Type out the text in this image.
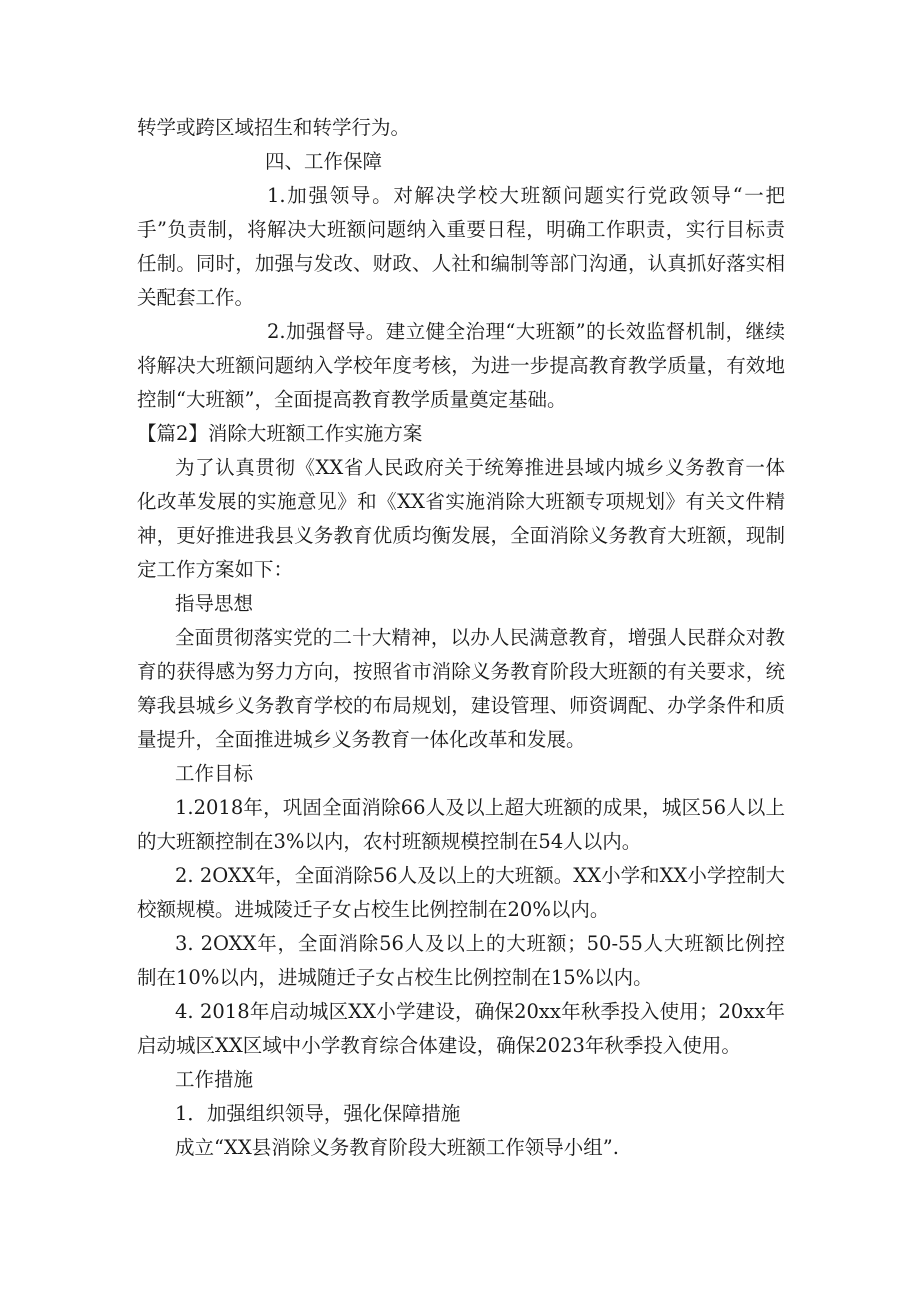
转学或跨区域招生和转学行为。

四、工作保障

1.加强领导。对解决学校大班额问题实行党政领导“一把手”负责制，将解决大班额问题纳入重要日程，明确工作职责，实行目标责任制。同时，加强与发改、财政、人社和编制等部门沟通，认真抓好落实相关配套工作。

2.加强督导。建立健全治理“大班额”的长效监督机制，继续将解决大班额问题纳入学校年度考核，为进一步提高教育教学质量，有效地控制“大班额”，全面提高教育教学质量奠定基础。

【篇2】消除大班额工作实施方案

为了认真贯彻《XX省人民政府关于统筹推进县域内城乡义务教育一体化改革发展的实施意见》和《XX省实施消除大班额专项规划》有关文件精神，更好推进我县义务教育优质均衡发展，全面消除义务教育大班额，现制定工作方案如下：

指导思想

全面贯彻落实党的二十大精神，以办人民满意教育，增强人民群众对教育的获得感为努力方向，按照省市消除义务教育阶段大班额的有关要求，统筹我县城乡义务教育学校的布局规划，建设管理、师资调配、办学条件和质量提升，全面推进城乡义务教育一体化改革和发展。

工作目标

1.2018年，巩固全面消除66人及以上超大班额的成果，城区56人以上的大班额控制在3%以内，农村班额规模控制在54人以内。

2. 2OXX年，全面消除56人及以上的大班额。XX小学和XX小学控制大校额规模。进城陵迁子女占校生比例控制在20%以内。

3. 2OXX年，全面消除56人及以上的大班额；50-55人大班额比例控制在10%以内，进城随迁子女占校生比例控制在15%以内。

4. 2018年启动城区XX小学建设，确保20xx年秋季投入使用；20xx年启动城区XX区域中小学教育综合体建设，确保2023年秋季投入使用。

工作措施

1．加强组织领导，强化保障措施

成立“XX县消除义务教育阶段大班额工作领导小组”.
